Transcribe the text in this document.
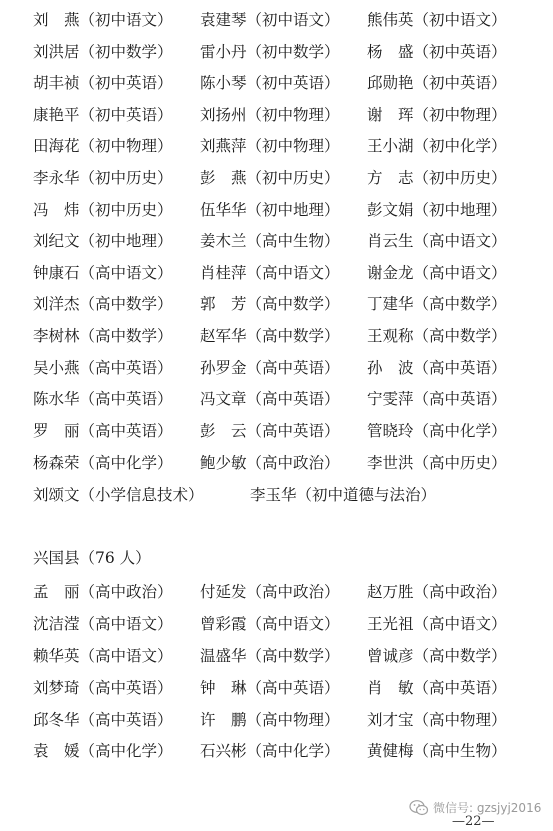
刘　燕（初中语文） 袁建琴（初中语文） 熊伟英（初中语文）
刘洪居（初中数学） 雷小丹（初中数学） 杨　盛（初中英语）
胡丰祯（初中英语） 陈小琴（初中英语） 邱勋艳（初中英语）
康艳平（初中英语） 刘扬州（初中物理） 谢　珲（初中物理）
田海花（初中物理） 刘燕萍（初中物理） 王小湖（初中化学）
李永华（初中历史） 彭　燕（初中历史） 方　志（初中历史）
冯　炜（初中历史） 伍华华（初中地理） 彭文娟（初中地理）
刘纪文（初中地理） 姜木兰（高中生物） 肖云生（高中语文）
钟康石（高中语文） 肖桂萍（高中语文） 谢金龙（高中语文）
刘洋杰（高中数学） 郭　芳（高中数学） 丁建华（高中数学）
李树林（高中数学） 赵军华（高中数学） 王观称（高中数学）
吴小燕（高中英语） 孙罗金（高中英语） 孙　波（高中英语）
陈水华（高中英语） 冯文章（高中英语） 宁雯萍（高中英语）
罗　丽（高中英语） 彭　云（高中英语） 管晓玲（高中化学）
杨森荣（高中化学） 鲍少敏（高中政治） 李世洪（高中历史）
刘颂文（小学信息技术）	李玉华（初中道德与法治）
兴国县（76 人）
孟　丽（高中政治） 付延发（高中政治） 赵万胜（高中政治）
沈洁滢（高中语文） 曾彩霞（高中语文） 王光祖（高中语文）
赖华英（高中语文） 温盛华（高中数学） 曾诚彦（高中数学）
刘梦琦（高中英语） 钟　琳（高中英语） 肖　敏（高中英语）
邱冬华（高中英语） 许　鹏（高中物理） 刘才宝（高中物理）
袁　媛（高中化学） 石兴彬（高中化学） 黄健梅（高中生物）
微信号: gzsjyj2016
—22—
